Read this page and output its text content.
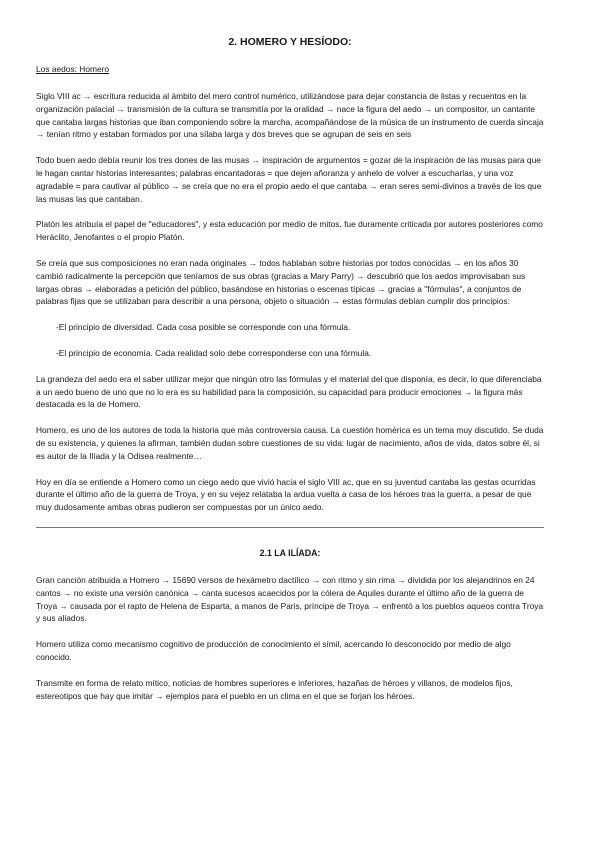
2. HOMERO Y HESÍODO:
Los aedos: Homero

Siglo VIII ac → escritura reducida al ámbito del mero control numérico, utilizándose para dejar constancia de listas y recuentos en la organización palacial → transmisión de la cultura se transmitía por la oralidad → nace la figura del aedo → un compositor, un cantante que cantaba largas historias que iban componiendo sobre la marcha, acompañándose de la música de un instrumento de cuerda sincaja → tenían ritmo y estaban formados por una sílaba larga y dos breves que se agrupan de seis en seis

Todo buen aedo debía reunir los tres dones de las musas → inspiración de argumentos = gozar de la inspiración de las musas para que le hagan cantar historias interesantes; palabras encantadoras = que dejen añoranza y anhelo de volver a escucharlas, y una voz agradable = para cautivar al público → se creía que no era el propio aedo el que cantaba → eran seres semi-divinos a través de los que las musas las que cantaban.

Platón les atribuía el papel de "educadores", y esta educación por medio de mitos, fue duramente criticada por autores posteriores como Heráclito, Jenofantes o el propio Platón.

Se creía que sus composiciones no eran nada originales → todos hablaban sobre historias por todos conocidas → en los años 30 cambió radicalmente la percepción que teníamos de sus obras (gracias a Mary Parry) → descubrió que los aedos improvisaban sus largas obras → elaboradas a petición del público, basándose en historias o escenas típicas → gracias a "fórmulas", a conjuntos de palabras fijas que se utilizaban para describir a una persona, objeto o situación → estas fórmulas debían cumplir dos principios:

-El principio de diversidad. Cada cosa posible se corresponde con una fórmula.

-El principio de economía. Cada realidad solo debe corresponderse con una fórmula.

La grandeza del aedo era el saber utilizar mejor que ningún otro las fórmulas y el material del que disponía, es decir, lo que diferenciaba a un aedo bueno de uno que no lo era es su habilidad para la composición, su capacidad para producir emociones → la figura más destacada es la de Homero.

Homero, es uno de los autores de toda la historia que más controversia causa. La cuestión homérica es un tema muy discutido. Se duda de su existencia, y quienes la afirman, también dudan sobre cuestiones de su vida: lugar de nacimiento, años de vida, datos sobre él, si es autor de la Ilíada y la Odisea realmente…

Hoy en día se entiende a Homero como un ciego aedo que vivió hacia el siglo VIII ac, que en su juventud cantaba las gestas ocurridas durante el último año de la guerra de Troya, y en su vejez relataba la ardua vuelta a casa de los héroes tras la guerra, a pesar de que muy dudosamente ambas obras pudieron ser compuestas por un único aedo.

2.1 LA ILÍADA:

Gran canción atribuida a Homero → 15690 versos de hexámetro dactílico → con ritmo y sin rima → dividida por los alejandrinos en 24 cantos → no existe una versión canónica → canta sucesos acaecidos por la cólera de Aquiles durante el último año de la guerra de Troya → causada por el rapto de Helena de Esparta, a manos de Paris, príncipe de Troya → enfrentó a los pueblos aqueos contra Troya y sus aliados.

Homero utiliza como mecanismo cognitivo de producción de conocimiento el símil, acercando lo desconocido por medio de algo conocido.

Transmite en forma de relato mítico, noticias de hombres superiores e inferiores, hazañas de héroes y villanos, de modelos fijos, estereotipos que hay que imitar → ejemplos para el pueblo en un clima en el que se forjan los héroes.
